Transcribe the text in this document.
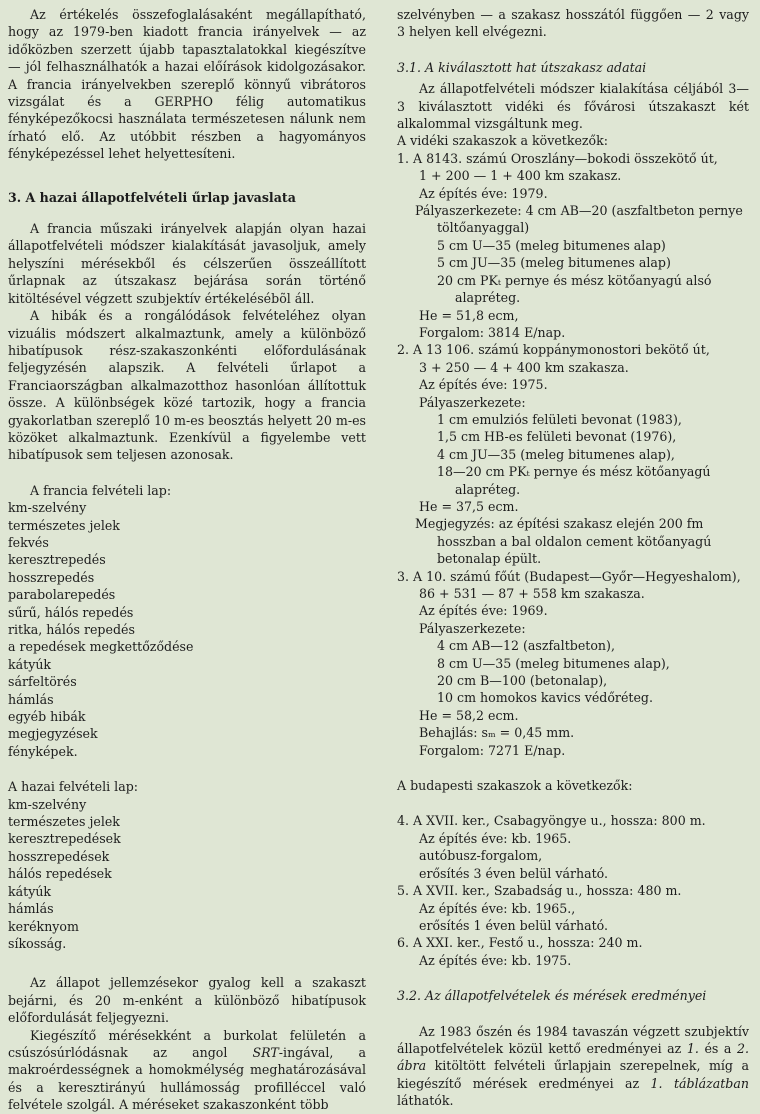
Az értékelés összefoglalásaként megállapítható, hogy az 1979-ben kiadott francia irányelvek — az időközben szerzett újabb tapasztalatokkal kiegészítve — jól felhasználhatók a hazai előírások kidolgozásakor. A francia irányelvekben szereplő könnyű vibrátoros vizsgálat és a GERPHO félig automatikus fényképezőkocsi használata természetesen nálunk nem írható elő. Az utóbbit részben a hagyományos fényképezéssel lehet helyettesíteni.

3. A hazai állapotfelvételi űrlap javaslata

A francia műszaki irányelvek alapján olyan hazai állapotfelvételi módszer kialakítását javasoljuk, amely helyszíni mérésekből és célszerűen összeállított űrlapnak az útszakasz bejárása során történő kitöltésével végzett szubjektív értékelésébõl áll.

A hibák és a rongálódások felvételéhez olyan vizuális módszert alkalmaztunk, amely a különböző hibatípusok rész-szakaszonkénti előfordulásának feljegyzésén alapszik. A felvételi űrlapot a Franciaországban alkalmazotthoz hasonlóan állítottuk össze. A különbségek közé tartozik, hogy a francia gyakorlatban szereplő 10 m-es beosztás helyett 20 m-es közöket alkalmaztunk. Ezenkívül a figyelembe vett hibatípusok sem teljesen azonosak.

A francia felvételi lap:

km-szelvény
természetes jelek
fekvés
keresztrepedés
hosszrepedés
parabolarepedés
sűrű, hálós repedés
ritka, hálós repedés
a repedések megkettőződése
kátyúk
sárfeltörés
hámlás
egyéb hibák
megjegyzések
fényképek.

A hazai felvételi lap:

km-szelvény
természetes jelek
keresztrepedések
hosszrepedések
hálós repedések
kátyúk
hámlás
keréknyom
síkosság.

Az állapot jellemzésekor gyalog kell a szakaszt bejárni, és 20 m-enként a különböző hibatípusok előfordulását feljegyezni.

Kiegészítő mérésekként a burkolat felületén a csúszósúrlódásnak az angol SRT-ingával, a makroérdességnek a homokmélység meghatározásával és a keresztirányú hullámosság profilléccel való felvétele szolgál. A méréseket szakaszonként több

szelvényben — a szakasz hosszától függően — 2 vagy 3 helyen kell elvégezni.

3.1. A kiválasztott hat útszakasz adatai

Az állapotfelvételi módszer kialakítása céljából 3—3 kiválasztott vidéki és fővárosi útszakaszt két alkalommal vizsgáltunk meg.

A vidéki szakaszok a következők:

1. A 8143. számú Oroszlány—bokodi összekötő út,

1 + 200 — 1 + 400 km szakasz.

Az építés éve: 1979.

Pályaszerkezete: 4 cm AB—20 (aszfaltbeton pernye töltőanyaggal)

5 cm U—35 (meleg bitumenes alap)

5 cm JU—35 (meleg bitumenes alap)

20 cm PKₜ pernye és mész kötőanyagú alsó alapréteg.

He = 51,8 ecm,

Forgalom: 3814 E/nap.

2. A 13 106. számú koppánymonostori bekötő út,

3 + 250 — 4 + 400 km szakasza.

Az építés éve: 1975.

Pályaszerkezete:

1 cm emulziós felületi bevonat (1983),

1,5 cm HB-es felületi bevonat (1976),

4 cm JU—35 (meleg bitumenes alap),

18—20 cm PKₜ pernye és mész kötőanyagú alapréteg.

He = 37,5 ecm.

Megjegyzés: az építési szakasz elején 200 fm hosszban a bal oldalon cement kötőanyagú betonalap épült.

3. A 10. számú főút (Budapest—Győr—Hegyeshalom),

86 + 531 — 87 + 558 km szakasza.

Az építés éve: 1969.

Pályaszerkezete:

4 cm AB—12 (aszfaltbeton),

8 cm U—35 (meleg bitumenes alap),

20 cm B—100 (betonalap),

10 cm homokos kavics védőréteg.

He = 58,2 ecm.

Behajlás: sₘ = 0,45 mm.

Forgalom: 7271 E/nap.

A budapesti szakaszok a következők:

4. A XVII. ker., Csabagyöngye u., hossza: 800 m.

Az építés éve: kb. 1965.

autóbusz-forgalom,

erősítés 3 éven belül várható.

5. A XVII. ker., Szabadság u., hossza: 480 m.

Az építés éve: kb. 1965.,

erősítés 1 éven belül várható.

6. A XXI. ker., Festő u., hossza: 240 m.

Az építés éve: kb. 1975.

3.2. Az állapotfelvételek és mérések eredményei

Az 1983 őszén és 1984 tavaszán végzett szubjektív állapotfelvételek közül kettő eredményei az 1. és a 2. ábra kitöltött felvételi űrlapjain szerepelnek, míg a kiegészítő mérések eredményei az 1. táblázatban láthatók.
